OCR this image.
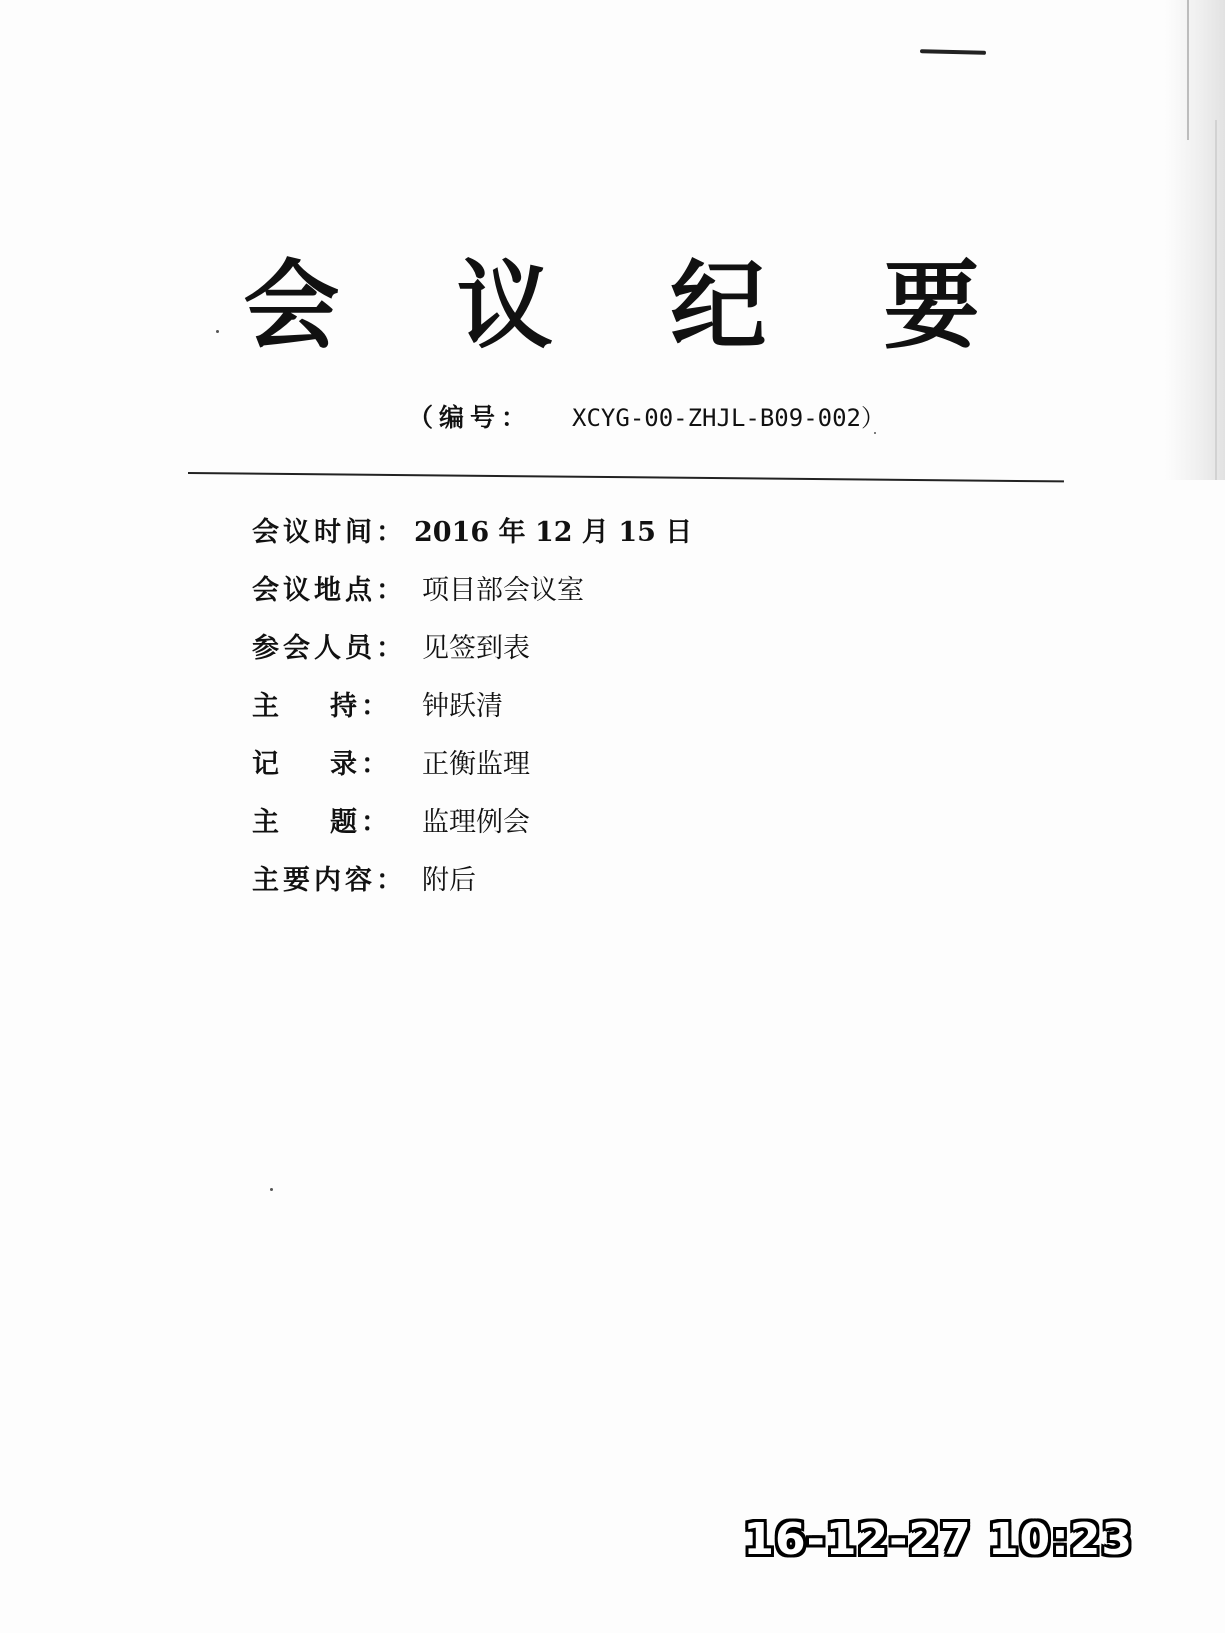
会 议 纪 要
（编号： XCYG-00-ZHJL-B09-002）
会议时间： 2016 年 12 月 15 日
会议地点： 项目部会议室
参会人员： 见签到表
主 持： 钟跃清
记 录： 正衡监理
主 题： 监理例会
主要内容： 附后
16-12-27 10:23
